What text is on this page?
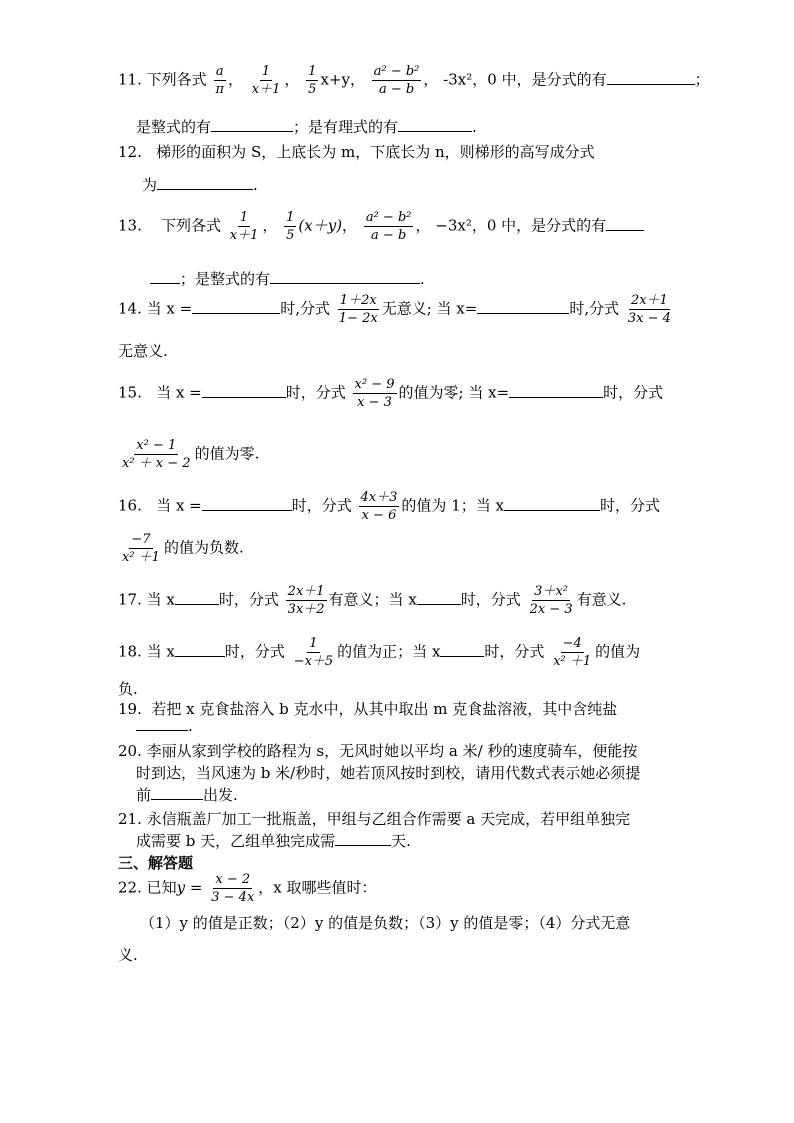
11. 下列各式 $\frac{a}{\pi}$ ， $\frac{1}{x+1}$ ， $\frac{1}{5} x+y$， $\frac{\text{a² − b²}}{a - b}$ ， -3x²，0 中，是分式的有	；
是整式的有	；是有理式的有	.
12. 梯形的面积为 S，上底长为 m，下底长为 n，则梯形的高写成分式
为	.
13. 下列各式 $\frac{1}{x+1}$ ， $\frac{1}{5} (x+y)$， $\frac{\text{a² − b²}}{a - b}$ ， −3x²，0 中，是分式的有
；是整式的有	.
14. 当 x =	时,分式 $\frac{1+2x}{1- 2x}$ 无意义; 当 x=	时,分式 $\frac{2x+1}{3x - 4}$
无意义.
15. 当 x =	时，分式 $\frac{\text{x² − 9}}{x - 3}$ 的值为零; 当 x=	时，分式
$\frac{\text{x² − 1}}{\text{x² ＋ x − 2}}$ 的值为零.
16. 当 x =	时，分式 $\frac{4x+3}{x - 6}$ 的值为 1；当 x	时，分式
$\frac{-7}{\text{x² ＋1}}$ 的值为负数.
17. 当 x	时，分式 $\frac{2x+1}{3x+2}$ 有意义；当 x	时，分式 $\frac{\text{3＋x²}}{2x - 3}$ 有意义.
18. 当 x	时，分式 $\frac{1}{-x+5}$ 的值为正；当 x	时，分式 $\frac{-4}{\text{x² ＋1}}$ 的值为
负.
19. 若把 x 克食盐溶入 b 克水中，从其中取出 m 克食盐溶液，其中含纯盐
.
20. 李丽从家到学校的路程为 s，无风时她以平均 a 米/ 秒的速度骑车，便能按
时到达，当风速为 b 米/秒时，她若顶风按时到校，请用代数式表示她必须提
前	出发.
21. 永信瓶盖厂加工一批瓶盖，甲组与乙组合作需要 a 天完成，若甲组单独完
成需要 b 天，乙组单独完成需	天.
三、解答题
22. 已知$y = \frac{x - 2}{3 - 4x}$ ，x 取哪些值时：
（1）y 的值是正数；（2）y 的值是负数；（3）y 的值是零；（4）分式无意
义.
